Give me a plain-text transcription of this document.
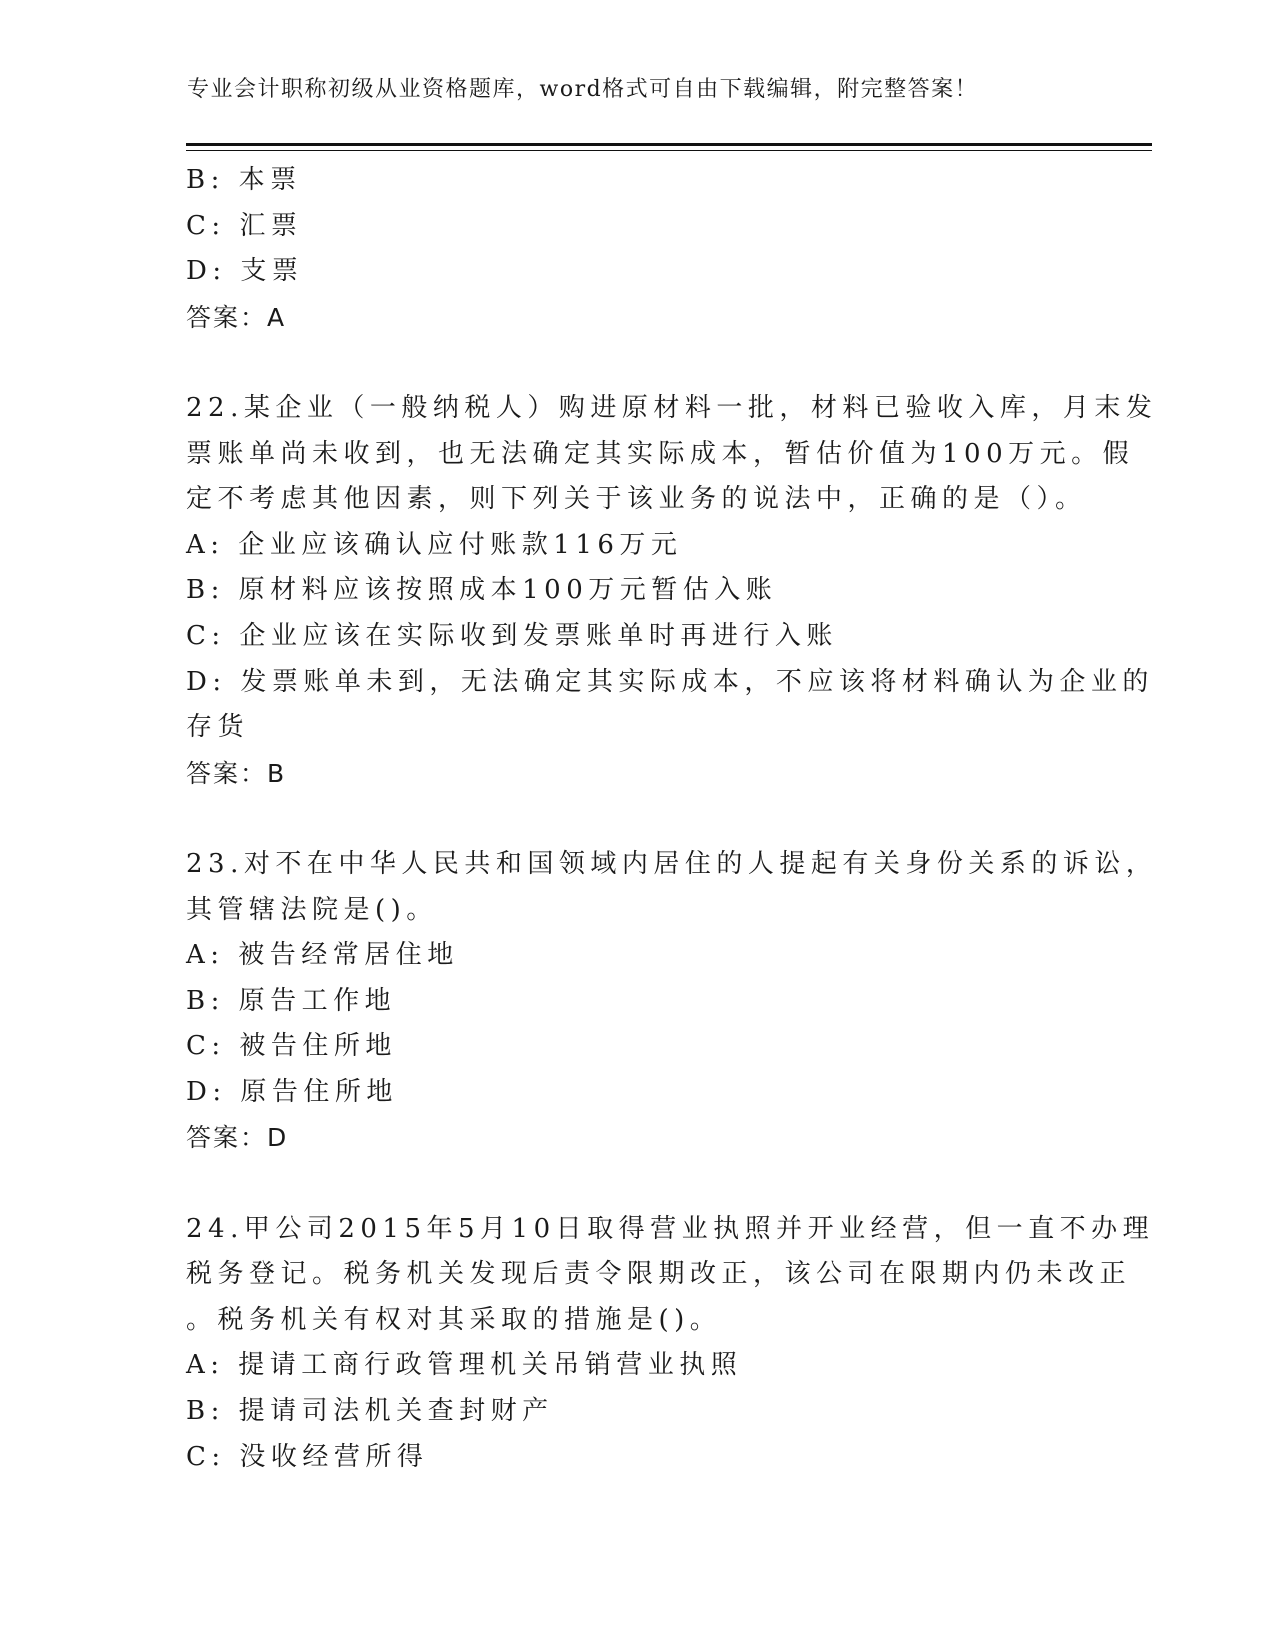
专业会计职称初级从业资格题库，word格式可自由下载编辑，附完整答案！
B: 本票
C: 汇票
D: 支票
答案：A
22.某企业（一般纳税人）购进原材料一批，材料已验收入库，月末发
票账单尚未收到，也无法确定其实际成本，暂估价值为100万元。假
定不考虑其他因素，则下列关于该业务的说法中，正确的是（）。
A: 企业应该确认应付账款116万元
B: 原材料应该按照成本100万元暂估入账
C: 企业应该在实际收到发票账单时再进行入账
D: 发票账单未到，无法确定其实际成本，不应该将材料确认为企业的
存货
答案：B
23.对不在中华人民共和国领域内居住的人提起有关身份关系的诉讼，
其管辖法院是()。
A: 被告经常居住地
B: 原告工作地
C: 被告住所地
D: 原告住所地
答案：D
24.甲公司2015年5月10日取得营业执照并开业经营，但一直不办理
税务登记。税务机关发现后责令限期改正，该公司在限期内仍未改正
。税务机关有权对其采取的措施是()。
A: 提请工商行政管理机关吊销营业执照
B: 提请司法机关查封财产
C: 没收经营所得
